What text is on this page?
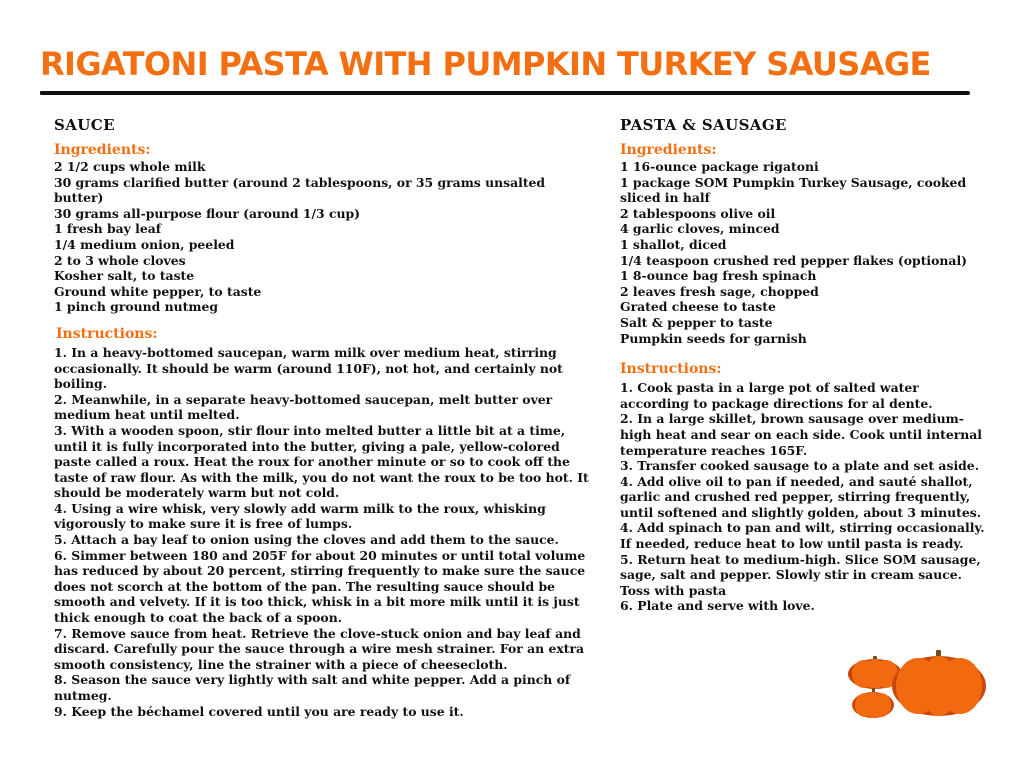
RIGATONI PASTA WITH PUMPKIN TURKEY SAUSAGE
SAUCE
Ingredients:
2 1/2 cups whole milk
30 grams clarified butter (around 2 tablespoons, or 35 grams unsalted butter)
30 grams all-purpose flour (around 1/3 cup)
1 fresh bay leaf
1/4 medium onion, peeled
2 to 3 whole cloves
Kosher salt, to taste
Ground white pepper, to taste
1 pinch ground nutmeg
Instructions:
1. In a heavy-bottomed saucepan, warm milk over medium heat, stirring occasionally. It should be warm (around 110F), not hot, and certainly not boiling.
2. Meanwhile, in a separate heavy-bottomed saucepan, melt butter over medium heat until melted.
3. With a wooden spoon, stir flour into melted butter a little bit at a time, until it is fully incorporated into the butter, giving a pale, yellow-colored paste called a roux. Heat the roux for another minute or so to cook off the taste of raw flour. As with the milk, you do not want the roux to be too hot. It should be moderately warm but not cold.
4. Using a wire whisk, very slowly add warm milk to the roux, whisking vigorously to make sure it is free of lumps.
5. Attach a bay leaf to onion using the cloves and add them to the sauce.
6. Simmer between 180 and 205F for about 20 minutes or until total volume has reduced by about 20 percent, stirring frequently to make sure the sauce does not scorch at the bottom of the pan. The resulting sauce should be smooth and velvety. If it is too thick, whisk in a bit more milk until it is just thick enough to coat the back of a spoon.
7. Remove sauce from heat. Retrieve the clove-stuck onion and bay leaf and discard. Carefully pour the sauce through a wire mesh strainer. For an extra smooth consistency, line the strainer with a piece of cheesecloth.
8. Season the sauce very lightly with salt and white pepper. Add a pinch of nutmeg.
9. Keep the béchamel covered until you are ready to use it.
PASTA & SAUSAGE
Ingredients:
1 16-ounce package rigatoni
1 package SOM Pumpkin Turkey Sausage, cooked sliced in half
2 tablespoons olive oil
4 garlic cloves, minced
1 shallot, diced
1/4 teaspoon crushed red pepper flakes (optional)
1 8-ounce bag fresh spinach
2 leaves fresh sage, chopped
Grated cheese to taste
Salt & pepper to taste
Pumpkin seeds for garnish
Instructions:
1. Cook pasta in a large pot of salted water according to package directions for al dente.
2. In a large skillet, brown sausage over medium-high heat and sear on each side. Cook until internal temperature reaches 165F.
3. Transfer cooked sausage to a plate and set aside.
4. Add olive oil to pan if needed, and sauté shallot, garlic and crushed red pepper, stirring frequently, until softened and slightly golden, about 3 minutes.
4. Add spinach to pan and wilt, stirring occasionally. If needed, reduce heat to low until pasta is ready.
5. Return heat to medium-high. Slice SOM sausage, sage, salt and pepper. Slowly stir in cream sauce. Toss with pasta
6. Plate and serve with love.
